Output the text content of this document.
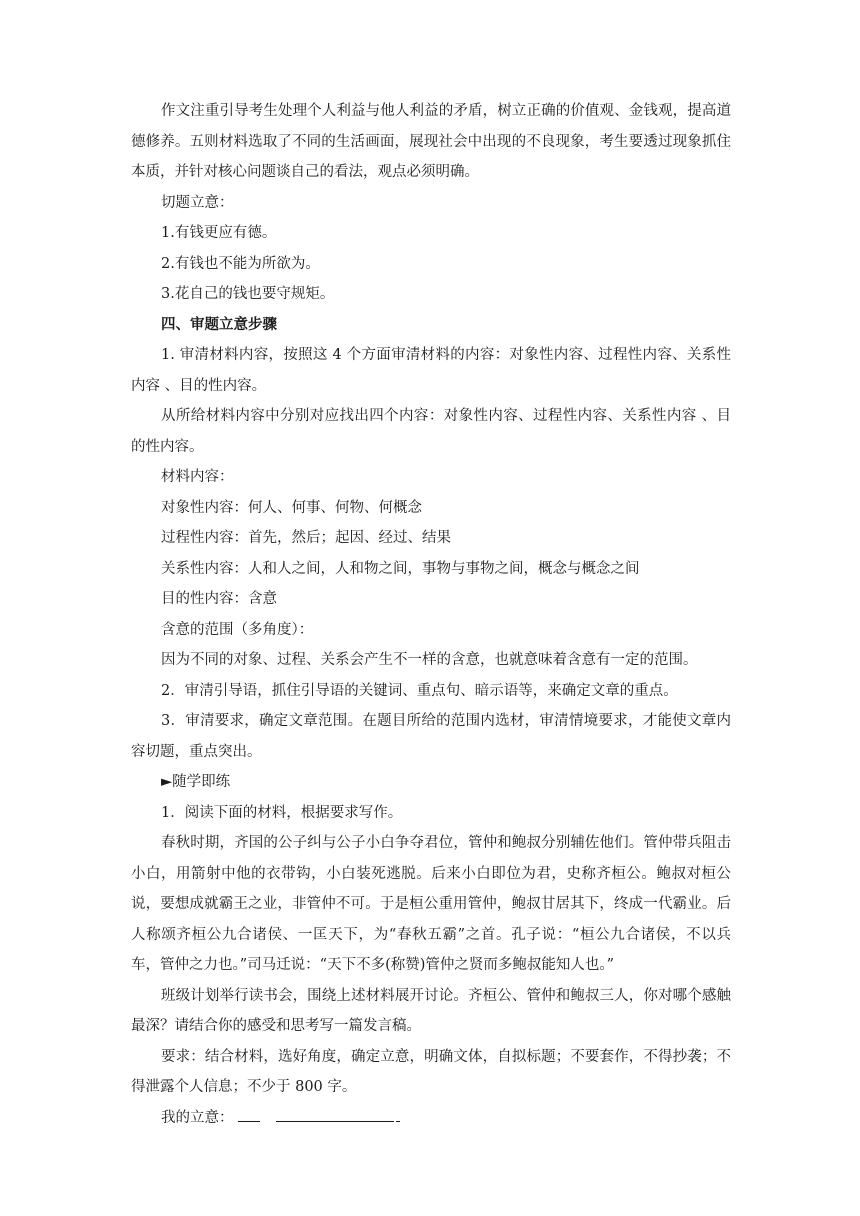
作文注重引导考生处理个人利益与他人利益的矛盾，树立正确的价值观、金钱观，提高道德修养。五则材料选取了不同的生活画面，展现社会中出现的不良现象，考生要透过现象抓住本质，并针对核心问题谈自己的看法，观点必须明确。

切题立意：

1.有钱更应有德。

2.有钱也不能为所欲为。

3.花自己的钱也要守规矩。

四、审题立意步骤

1. 审清材料内容，按照这 4 个方面审清材料的内容：对象性内容、过程性内容、关系性内容 、目的性内容。

从所给材料内容中分别对应找出四个内容：对象性内容、过程性内容、关系性内容 、目的性内容。

材料内容：

对象性内容：何人、何事、何物、何概念

过程性内容：首先，然后；起因、经过、结果

关系性内容：人和人之间，人和物之间，事物与事物之间，概念与概念之间

目的性内容：含意

含意的范围（多角度）：

因为不同的对象、过程、关系会产生不一样的含意，也就意味着含意有一定的范围。

2．审清引导语，抓住引导语的关键词、重点句、暗示语等，来确定文章的重点。

3．审清要求，确定文章范围。在题目所给的范围内选材，审清情境要求，才能使文章内容切题，重点突出。

►随学即练

1．阅读下面的材料，根据要求写作。

春秋时期，齐国的公子纠与公子小白争夺君位，管仲和鲍叔分别辅佐他们。管仲带兵阻击小白，用箭射中他的衣带钩，小白装死逃脱。后来小白即位为君，史称齐桓公。鲍叔对桓公说，要想成就霸王之业，非管仲不可。于是桓公重用管仲，鲍叔甘居其下，终成一代霸业。后人称颂齐桓公九合诸侯、一匡天下，为“春秋五霸”之首。孔子说：“桓公九合诸侯，不以兵车，管仲之力也。”司马迁说：“天下不多(称赞)管仲之贤而多鲍叔能知人也。”

班级计划举行读书会，围绕上述材料展开讨论。齐桓公、管仲和鲍叔三人，你对哪个感触最深？请结合你的感受和思考写一篇发言稿。

要求：结合材料，选好角度，确定立意，明确文体，自拟标题；不要套作，不得抄袭；不得泄露个人信息；不少于 800 字。

我的立意：
